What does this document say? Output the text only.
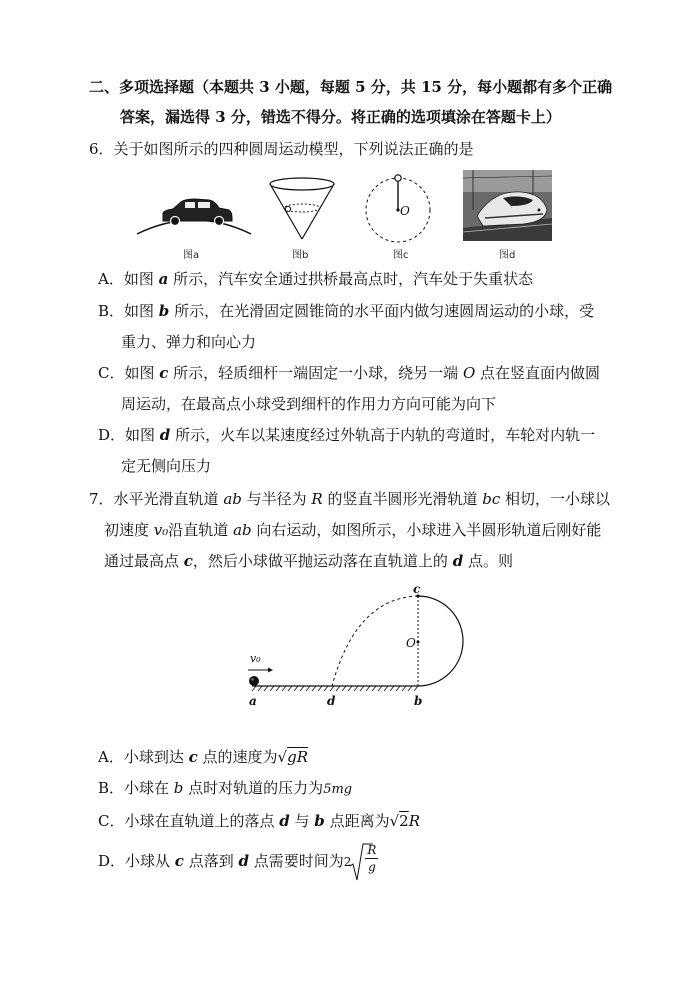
二、多项选择题（本题共 3 小题，每题 5 分，共 15 分，每小题都有多个正确
答案，漏选得 3 分，错选不得分。将正确的选项填涂在答题卡上）
6．关于如图所示的四种圆周运动模型，下列说法正确的是
图a	图b
O
图c	图d
A．如图 a 所示，汽车安全通过拱桥最高点时，汽车处于失重状态
B．如图 b 所示，在光滑固定圆锥筒的水平面内做匀速圆周运动的小球，受
重力、弹力和向心力
C．如图 c 所示，轻质细杆一端固定一小球，绕另一端 O 点在竖直面内做圆
周运动，在最高点小球受到细杆的作用力方向可能为向下
D．如图 d 所示，火车以某速度经过外轨高于内轨的弯道时，车轮对内轨一
定无侧向压力
7．水平光滑直轨道 ab 与半径为 R 的竖直半圆形光滑轨道 bc 相切，一小球以
初速度 v₀沿直轨道 ab 向右运动，如图所示，小球进入半圆形轨道后刚好能
通过最高点 c，然后小球做平抛运动落在直轨道上的 d 点。则
c
O
a	d	b
v₀
A．小球到达 c 点的速度为√gR
B．小球在 b 点时对轨道的压力为5mg
C．小球在直轨道上的落点 d 与 b 点距离为√2R
D．小球从 c 点落到 d 点需要时间为$_2 \frac{R}{g}$
